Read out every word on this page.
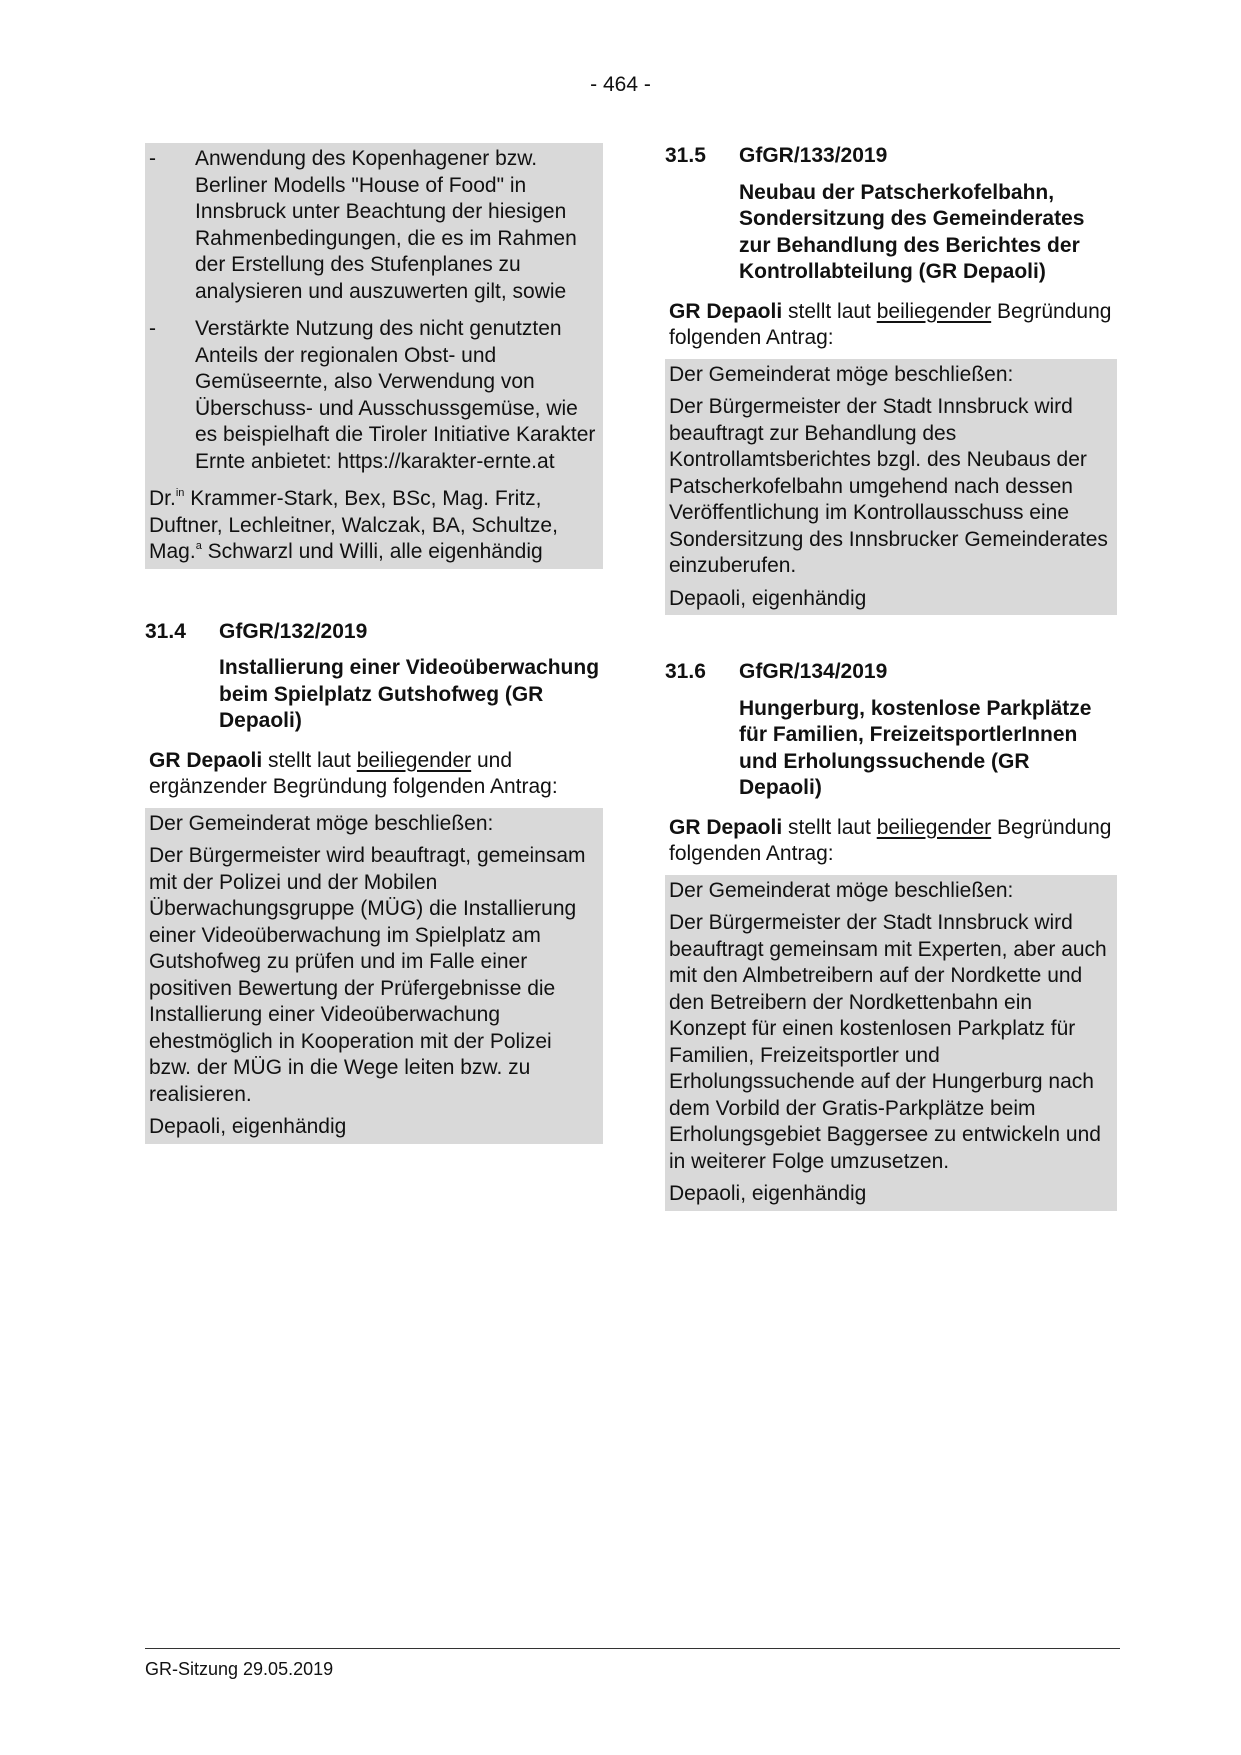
- 464 -
-	Anwendung des Kopenhagener bzw. Berliner Modells "House of Food" in Innsbruck unter Beachtung der hiesigen Rahmenbedingungen, die es im Rahmen der Erstellung des Stufenplanes zu analysieren und auszuwerten gilt, sowie
-	Verstärkte Nutzung des nicht genutzten Anteils der regionalen Obst- und Gemüseernte, also Verwendung von Überschuss- und Ausschussgemüse, wie es beispielhaft die Tiroler Initiative Karakter Ernte anbietet: https://karakter-ernte.at
Dr.$^{in}$ Krammer-Stark, Bex, BSc, Mag. Fritz, Duftner, Lechleitner, Walczak, BA, Schultze, Mag.$^a$ Schwarzl und Willi, alle eigenhändig
31.4	GfGR/132/2019
Installierung einer Videoüberwachung beim Spielplatz Gutshofweg (GR Depaoli)
GR Depaoli stellt laut beiliegender und ergänzender Begründung folgenden Antrag:
Der Gemeinderat möge beschließen:
Der Bürgermeister wird beauftragt, gemeinsam mit der Polizei und der Mobilen Überwachungsgruppe (MÜG) die Installierung einer Videoüberwachung im Spielplatz am Gutshofweg zu prüfen und im Falle einer positiven Bewertung der Prüfergebnisse die Installierung einer Videoüberwachung ehestmöglich in Kooperation mit der Polizei bzw. der MÜG in die Wege leiten bzw. zu realisieren.
Depaoli, eigenhändig
31.5	GfGR/133/2019
Neubau der Patscherkofelbahn, Sondersitzung des Gemeinderates zur Behandlung des Berichtes der Kontrollabteilung (GR Depaoli)
GR Depaoli stellt laut beiliegender Begründung folgenden Antrag:
Der Gemeinderat möge beschließen:
Der Bürgermeister der Stadt Innsbruck wird beauftragt zur Behandlung des Kontrollamtsberichtes bzgl. des Neubaus der Patscherkofelbahn umgehend nach dessen Veröffentlichung im Kontrollausschuss eine Sondersitzung des Innsbrucker Gemeinderates einzuberufen.
Depaoli, eigenhändig
31.6	GfGR/134/2019
Hungerburg, kostenlose Parkplätze für Familien, FreizeitsportlerInnen und Erholungssuchende (GR Depaoli)
GR Depaoli stellt laut beiliegender Begründung folgenden Antrag:
Der Gemeinderat möge beschließen:
Der Bürgermeister der Stadt Innsbruck wird beauftragt gemeinsam mit Experten, aber auch mit den Almbetreibern auf der Nordkette und den Betreibern der Nordkettenbahn ein Konzept für einen kostenlosen Parkplatz für Familien, Freizeitsportler und Erholungssuchende auf der Hungerburg nach dem Vorbild der Gratis-Parkplätze beim Erholungsgebiet Baggersee zu entwickeln und in weiterer Folge umzusetzen.
Depaoli, eigenhändig
GR-Sitzung 29.05.2019
